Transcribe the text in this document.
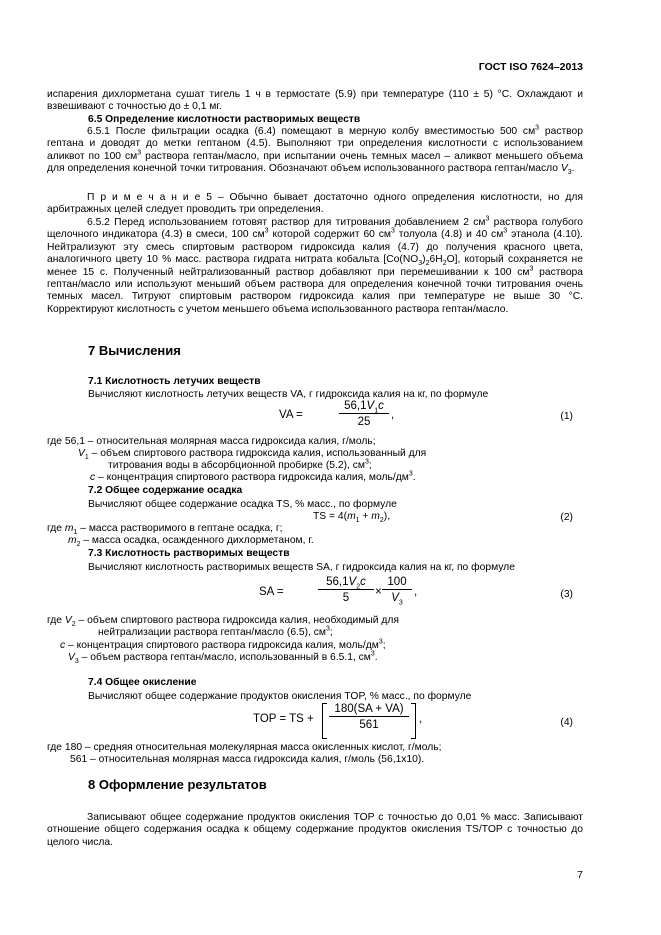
ГОСТ ISO 7624–2013
испарения дихлорметана сушат тигель 1 ч в термостате (5.9) при температуре (110 ± 5) °C. Охлаждают и взвешивают с точностью до ± 0,1 мг.
6.5 Определение кислотности растворимых веществ
6.5.1 После фильтрации осадка (6.4) помещают в мерную колбу вместимостью 500 $см^3$ раствор гептана и доводят до метки гептаном (4.5). Выполняют три определения кислотности с использованием аликвот по 100 $см^3$ раствора гептан/масло, при испытании очень темных масел – аликвот меньшего объема для определения конечной точки титрования. Обозначают объем использованного раствора гептан/масло $V_3$.
П р и м е ч а н и е 5 – Обычно бывает достаточно одного определения кислотности, но для арбитражных целей следует проводить три определения.
6.5.2 Перед использованием готовят раствор для титрования добавлением 2 $см^3$ раствора голубого щелочного индикатора (4.3) в смеси, 100 $см^3$ которой содержит 60 $см^3$ толуола (4.8) и 40 $см^3$ этанола (4.10). Нейтрализуют эту смесь спиртовым раствором гидроксида калия (4.7) до получения красного цвета, аналогичного цвету 10 % масс. раствора гидрата нитрата кобальта $[Co(NO_3)_26H_2O]$, который сохраняется не менее 15 с. Полученный нейтрализованный раствор добавляют при перемешивании к 100 $см^3$ раствора гептан/масло или используют меньший объем раствора для определения конечной точки титрования очень темных масел. Титруют спиртовым раствором гидроксида калия при температуре не выше 30 °C. Корректируют кислотность с учетом меньшего объема использованного раствора гептан/масло.
7 Вычисления
7.1 Кислотность летучих веществ
Вычисляют кислотность летучих веществ VA, г гидроксида калия на кг, по формуле
VA =	$\frac{56,1V_1c}{25}$ ,	(1)
где 56,1 – относительная молярная масса гидроксида калия, г/моль;
$V_1$ – объем спиртового раствора гидроксида калия, использованный для
титрования воды в абсорбционной пробирке (5.2), $см^3$;
c – концентрация спиртового раствора гидроксида калия, моль/$дм^3$.
7.2 Общее содержание осадка
Вычисляют общее содержание осадка TS, % масс., по формуле
TS = $4(m_1 + m_2)$,	(2)
где $m_1$ – масса растворимого в гептане осадка, г;
$m_2$ – масса осадка, осажденного дихлорметаном, г.
7.3 Кислотность растворимых веществ
Вычисляют кислотность растворимых веществ SA, г гидроксида калия на кг, по формуле
SA =	$\frac{56,1V_2c}{5} \times \frac{100}{V_3}$ ,	(3)
где $V_2$ – объем спиртового раствора гидроксида калия, необходимый для
нейтрализации раствора гептан/масло (6.5), $см^3$;
c – концентрация спиртового раствора гидроксида калия, моль/$дм^3$;
$V_3$ – объем раствора гептан/масло, использованный в 6.5.1, $см^3$.
7.4 Общее окисление
Вычисляют общее содержание продуктов окисления TOP, % масс., по формуле
TOP = TS + $\frac{180(SA + VA)}{561}$ ,	(4)
где 180 – средняя относительная молекулярная масса окисленных кислот, г/моль;
561 – относительная молярная масса гидроксида калия, г/моль (56,1x10).
8 Оформление результатов
Записывают общее содержание продуктов окисления TOP с точностью до 0,01 % масс. Записывают отношение общего содержания осадка к общему содержание продуктов окисления TS/TOP с точностью до целого числа.
7
